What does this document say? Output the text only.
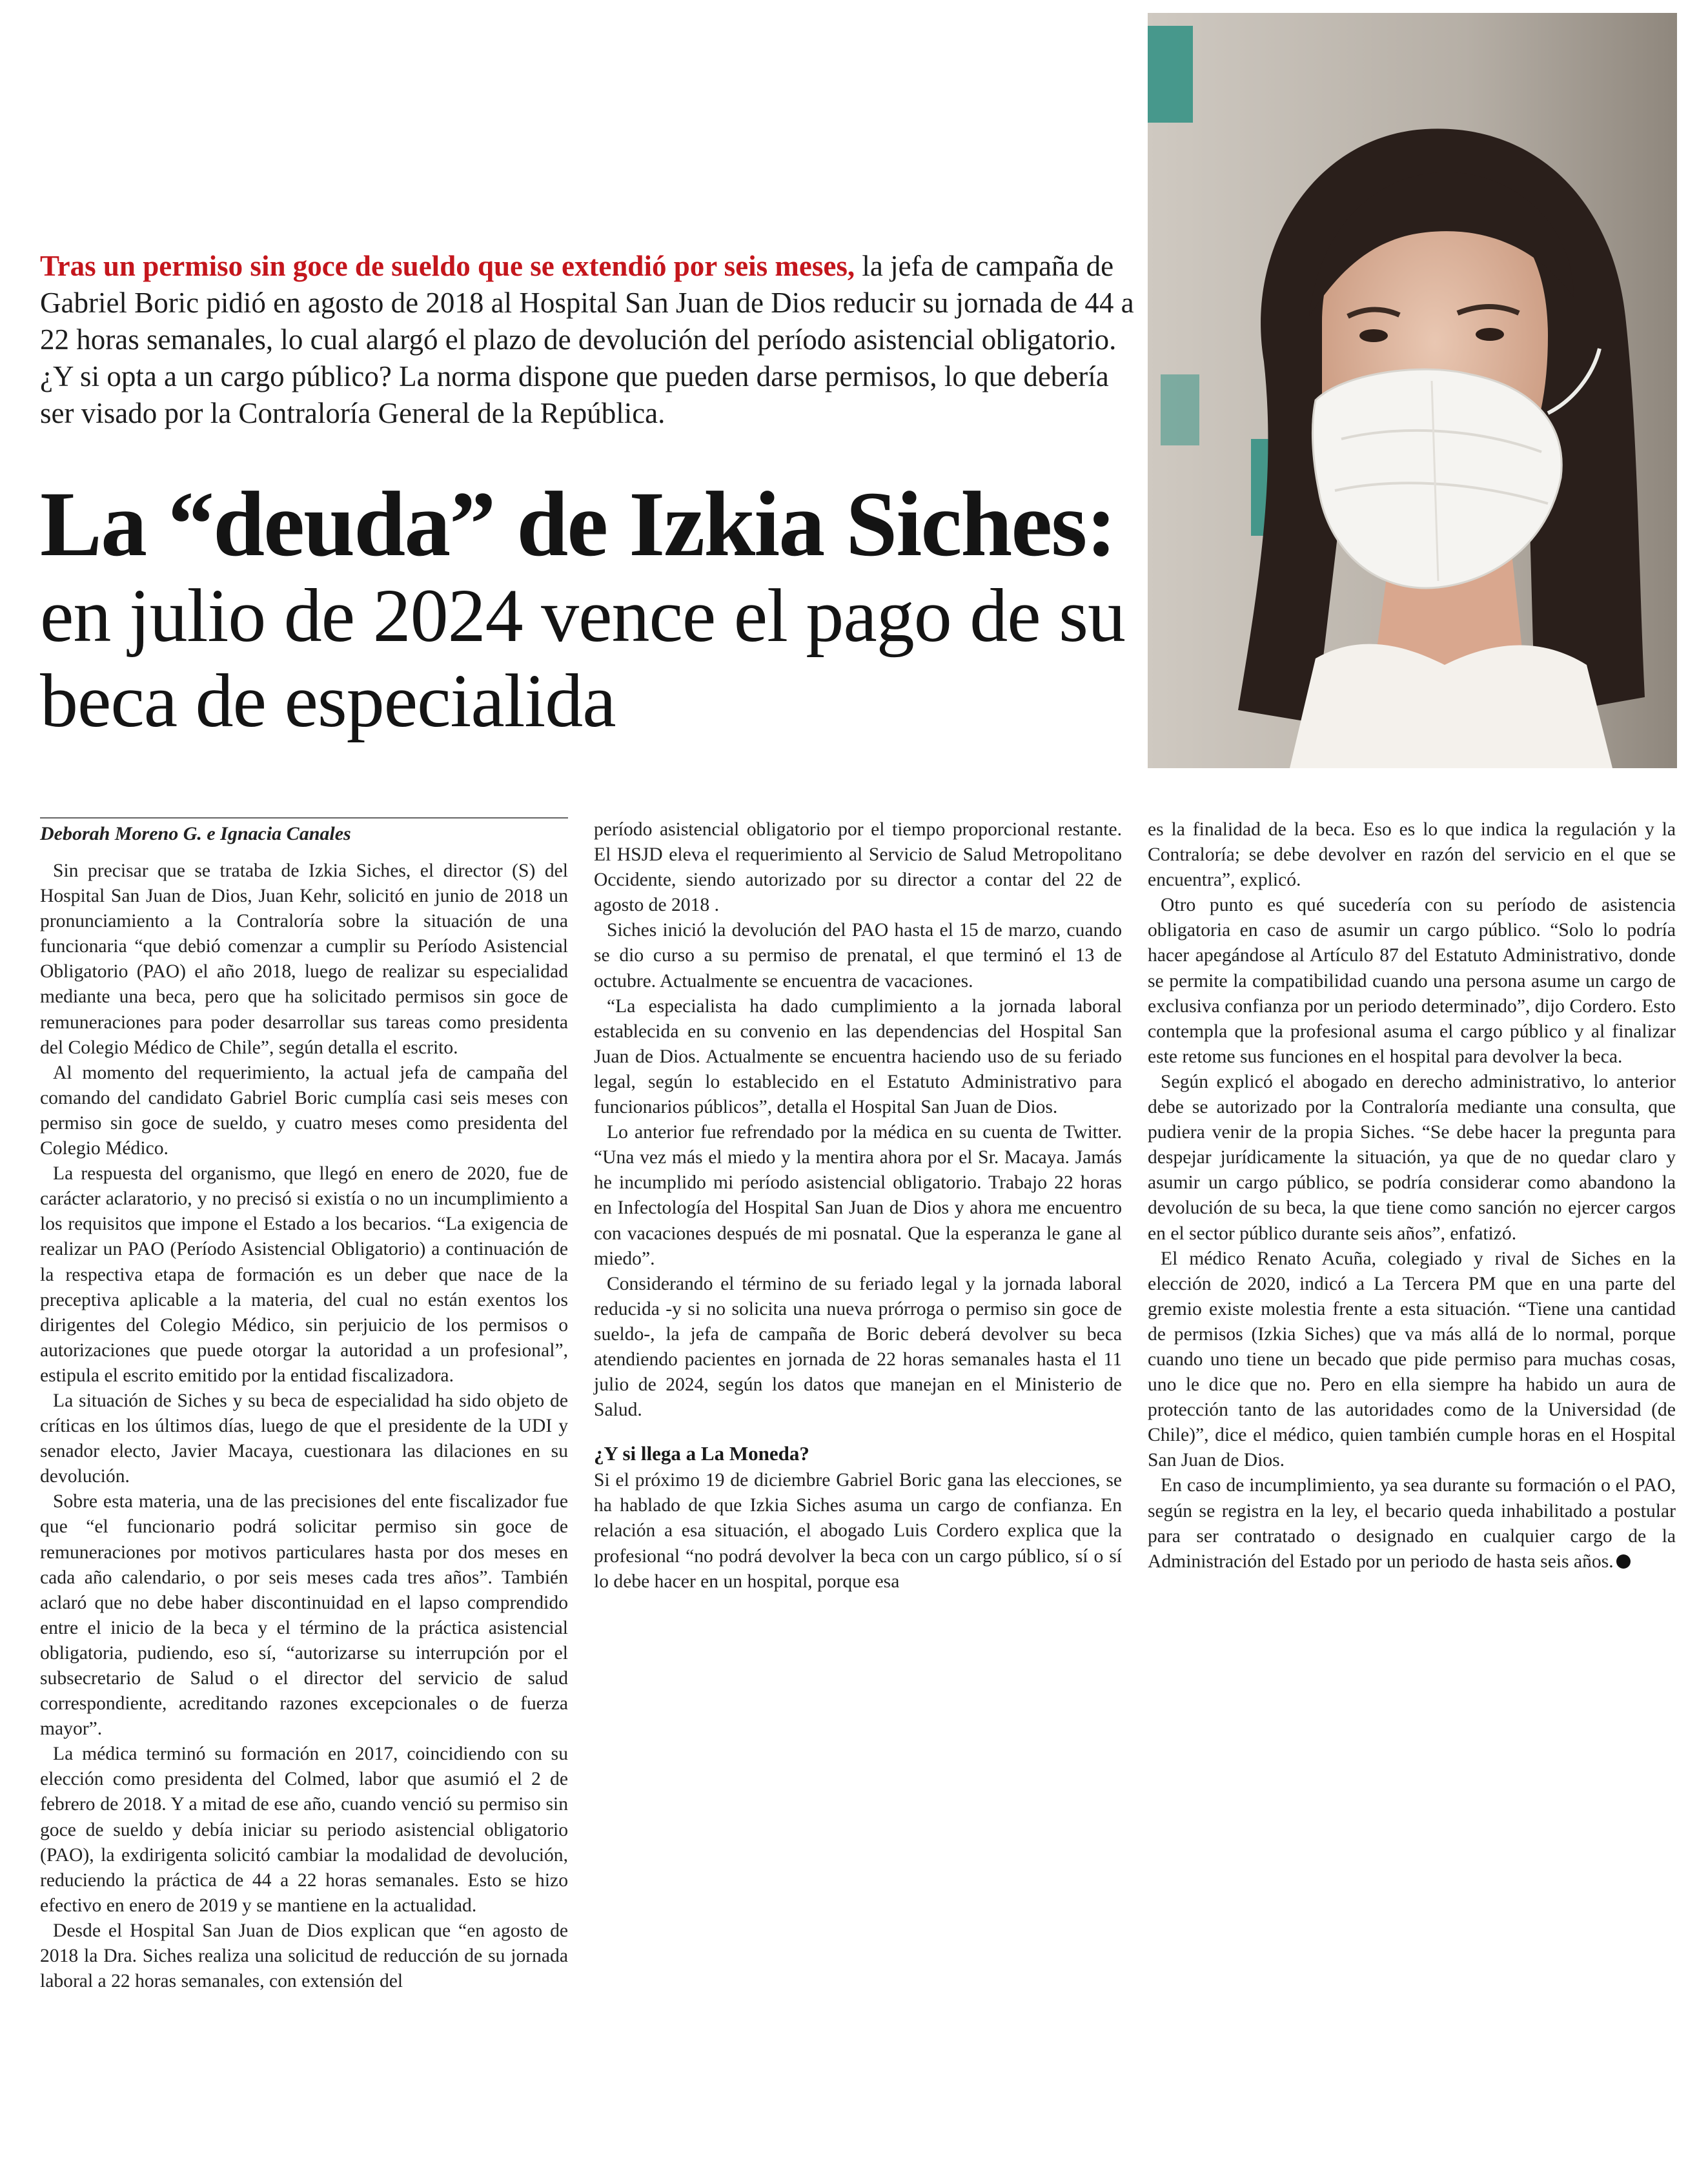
Tras un permiso sin goce de sueldo que se extendió por seis meses, la jefa de campaña de Gabriel Boric pidió en agosto de 2018 al Hospital San Juan de Dios reducir su jornada de 44 a 22 horas semanales, lo cual alargó el plazo de devolución del período asistencial obligatorio. ¿Y si opta a un cargo público? La norma dispone que pueden darse permisos, lo que debería ser visado por la Contraloría General de la República.
La “deuda” de Izkia Siches:
en julio de 2024 vence el pago de su beca de especialida
Deborah Moreno G. e Ignacia Canales

Sin precisar que se trataba de Izkia Siches, el director (S) del Hospital San Juan de Dios, Juan Kehr, solicitó en junio de 2018 un pronunciamiento a la Contraloría sobre la situación de una funcionaria “que debió comenzar a cumplir su Período Asistencial Obligatorio (PAO) el año 2018, luego de realizar su especialidad mediante una beca, pero que ha solicitado permisos sin goce de remuneraciones para poder desarrollar sus tareas como presidenta del Colegio Médico de Chile”, según detalla el escrito.

Al momento del requerimiento, la actual jefa de campaña del comando del candidato Gabriel Boric cumplía casi seis meses con permiso sin goce de sueldo, y cuatro meses como presidenta del Colegio Médico.

La respuesta del organismo, que llegó en enero de 2020, fue de carácter aclaratorio, y no precisó si existía o no un incumplimiento a los requisitos que impone el Estado a los becarios. “La exigencia de realizar un PAO (Período Asistencial Obligatorio) a continuación de la respectiva etapa de formación es un deber que nace de la preceptiva aplicable a la materia, del cual no están exentos los dirigentes del Colegio Médico, sin perjuicio de los permisos o autorizaciones que puede otorgar la autoridad a un profesional”, estipula el escrito emitido por la entidad fiscalizadora.

La situación de Siches y su beca de especialidad ha sido objeto de críticas en los últimos días, luego de que el presidente de la UDI y senador electo, Javier Macaya, cuestionara las dilaciones en su devolución.

Sobre esta materia, una de las precisiones del ente fiscalizador fue que “el funcionario podrá solicitar permiso sin goce de remuneraciones por motivos particulares hasta por dos meses en cada año calendario, o por seis meses cada tres años”. También aclaró que no debe haber discontinuidad en el lapso comprendido entre el inicio de la beca y el término de la práctica asistencial obligatoria, pudiendo, eso sí, “autorizarse su interrupción por el subsecretario de Salud o el director del servicio de salud correspondiente, acreditando razones excepcionales o de fuerza mayor”.

La médica terminó su formación en 2017, coincidiendo con su elección como presidenta del Colmed, labor que asumió el 2 de febrero de 2018. Y a mitad de ese año, cuando venció su permiso sin goce de sueldo y debía iniciar su periodo asistencial obligatorio (PAO), la exdirigenta solicitó cambiar la modalidad de devolución, reduciendo la práctica de 44 a 22 horas semanales. Esto se hizo efectivo en enero de 2019 y se mantiene en la actualidad.

Desde el Hospital San Juan de Dios explican que “en agosto de 2018 la Dra. Siches realiza una solicitud de reducción de su jornada laboral a 22 horas semanales, con extensión del

período asistencial obligatorio por el tiempo proporcional restante. El HSJD eleva el requerimiento al Servicio de Salud Metropolitano Occidente, siendo autorizado por su director a contar del 22 de agosto de 2018 .

Siches inició la devolución del PAO hasta el 15 de marzo, cuando se dio curso a su permiso de prenatal, el que terminó el 13 de octubre. Actualmente se encuentra de vacaciones.

“La especialista ha dado cumplimiento a la jornada laboral establecida en su convenio en las dependencias del Hospital San Juan de Dios. Actualmente se encuentra haciendo uso de su feriado legal, según lo establecido en el Estatuto Administrativo para funcionarios públicos”, detalla el Hospital San Juan de Dios.

Lo anterior fue refrendado por la médica en su cuenta de Twitter. “Una vez más el miedo y la mentira ahora por el Sr. Macaya. Jamás he incumplido mi período asistencial obligatorio. Trabajo 22 horas en Infectología del Hospital San Juan de Dios y ahora me encuentro con vacaciones después de mi posnatal. Que la esperanza le gane al miedo”.

Considerando el término de su feriado legal y la jornada laboral reducida -y si no solicita una nueva prórroga o permiso sin goce de sueldo-, la jefa de campaña de Boric deberá devolver su beca atendiendo pacientes en jornada de 22 horas semanales hasta el 11 julio de 2024, según los datos que manejan en el Ministerio de Salud.

¿Y si llega a La Moneda?

Si el próximo 19 de diciembre Gabriel Boric gana las elecciones, se ha hablado de que Izkia Siches asuma un cargo de confianza. En relación a esa situación, el abogado Luis Cordero explica que la profesional “no podrá devolver la beca con un cargo público, sí o sí lo debe hacer en un hospital, porque esa

es la finalidad de la beca. Eso es lo que indica la regulación y la Contraloría; se debe devolver en razón del servicio en el que se encuentra”, explicó.

Otro punto es qué sucedería con su período de asistencia obligatoria en caso de asumir un cargo público. “Solo lo podría hacer apegándose al Artículo 87 del Estatuto Administrativo, donde se permite la compatibilidad cuando una persona asume un cargo de exclusiva confianza por un periodo determinado”, dijo Cordero. Esto contempla que la profesional asuma el cargo público y al finalizar este retome sus funciones en el hospital para devolver la beca.

Según explicó el abogado en derecho administrativo, lo anterior debe se autorizado por la Contraloría mediante una consulta, que pudiera venir de la propia Siches. “Se debe hacer la pregunta para despejar jurídicamente la situación, ya que de no quedar claro y asumir un cargo público, se podría considerar como abandono la devolución de su beca, la que tiene como sanción no ejercer cargos en el sector público durante seis años”, enfatizó.

El médico Renato Acuña, colegiado y rival de Siches en la elección de 2020, indicó a La Tercera PM que en una parte del gremio existe molestia frente a esta situación. “Tiene una cantidad de permisos (Izkia Siches) que va más allá de lo normal, porque cuando uno tiene un becado que pide permiso para muchas cosas, uno le dice que no. Pero en ella siempre ha habido un aura de protección tanto de las autoridades como de la Universidad (de Chile)”, dice el médico, quien también cumple horas en el Hospital San Juan de Dios.

En caso de incumplimiento, ya sea durante su formación o el PAO, según se registra en la ley, el becario queda inhabilitado a postular para ser contratado o designado en cualquier cargo de la Administración del Estado por un periodo de hasta seis años.
